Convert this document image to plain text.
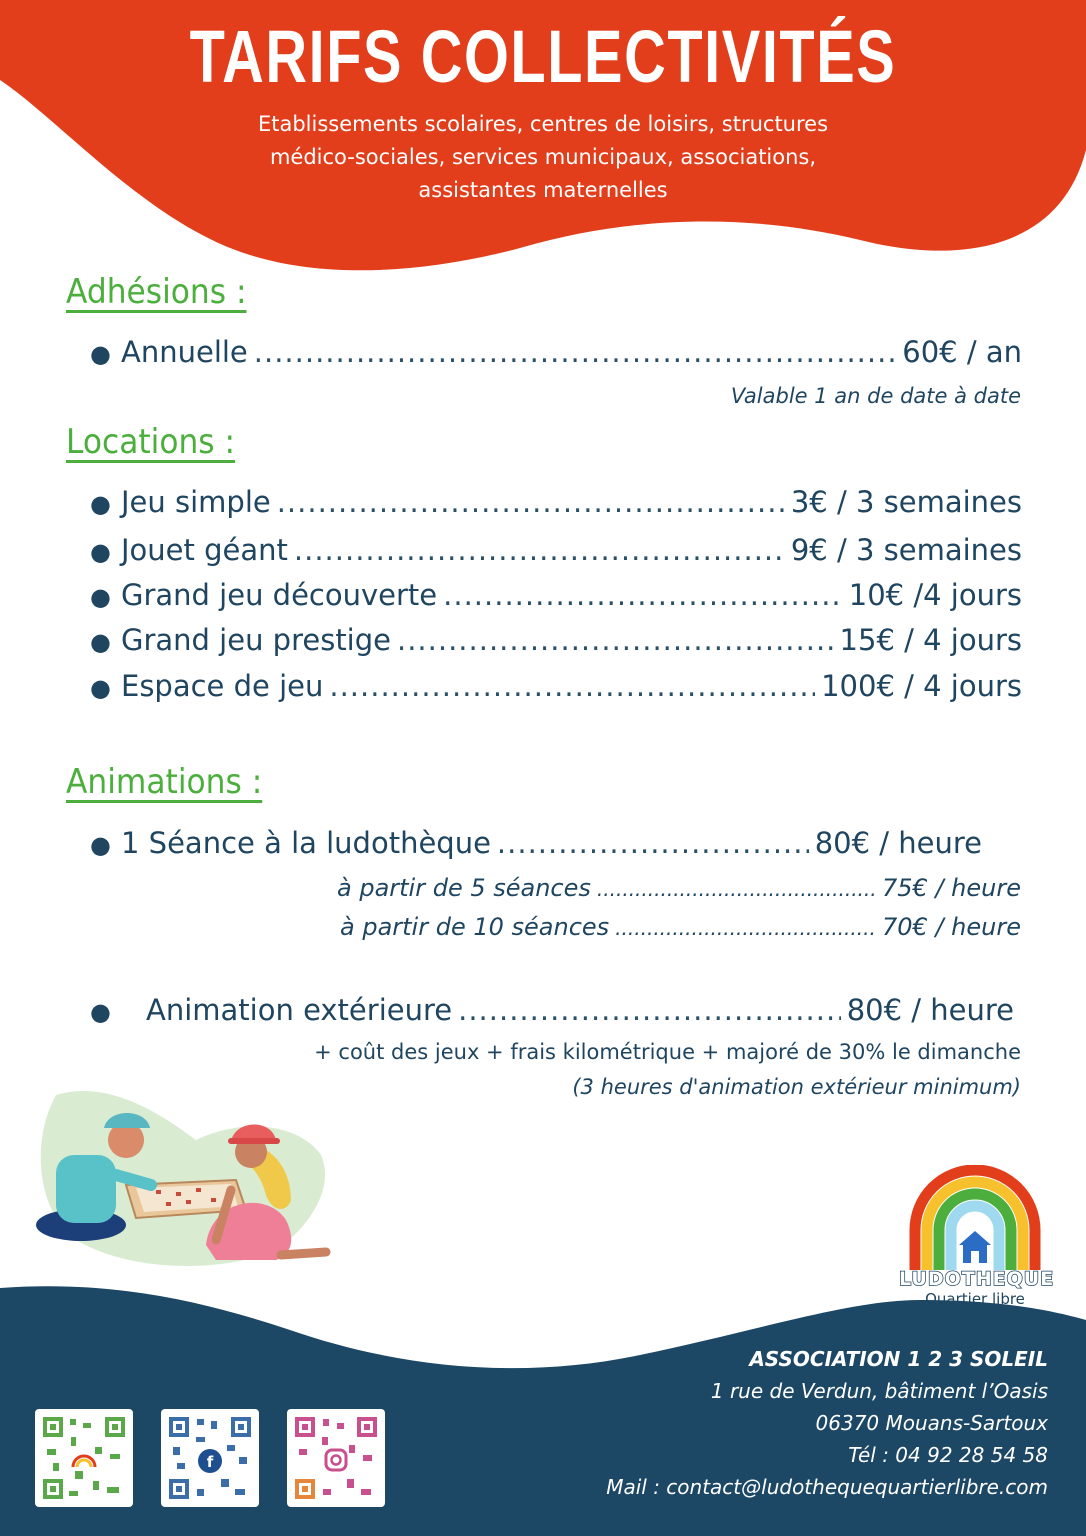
TARIFS COLLECTIVITÉS
Etablissements scolaires, centres de loisirs, structures
médico-sociales, services municipaux, associations,
assistantes maternelles
Adhésions :
● Annuelle .....	60€ / an
Valable 1 an de date à date
Locations :
● Jeu simple .....	3€ / 3 semaines
● Jouet géant .....	9€ / 3 semaines
● Grand jeu découverte .....	10€ /4 jours
● Grand jeu prestige .....	15€ / 4 jours
● Espace de jeu .....	100€ / 4 jours
Animations :
● 1 Séance à la ludothèque .....	80€ / heure
à partir de 5 séances .....	75€ / heure
à partir de 10 séances .....	70€ / heure
●	Animation extérieure .....	80€ / heure
+ coût des jeux + frais kilométrique + majoré de 30% le dimanche
(3 heures d'animation extérieur minimum)
LUDOTHEQUE
Quartier libre
ASSOCIATION 1 2 3 SOLEIL
1 rue de Verdun, bâtiment l’Oasis
06370 Mouans-Sartoux
Tél : 04 92 28 54 58
Mail : contact@ludothequequartierlibre.com
f
